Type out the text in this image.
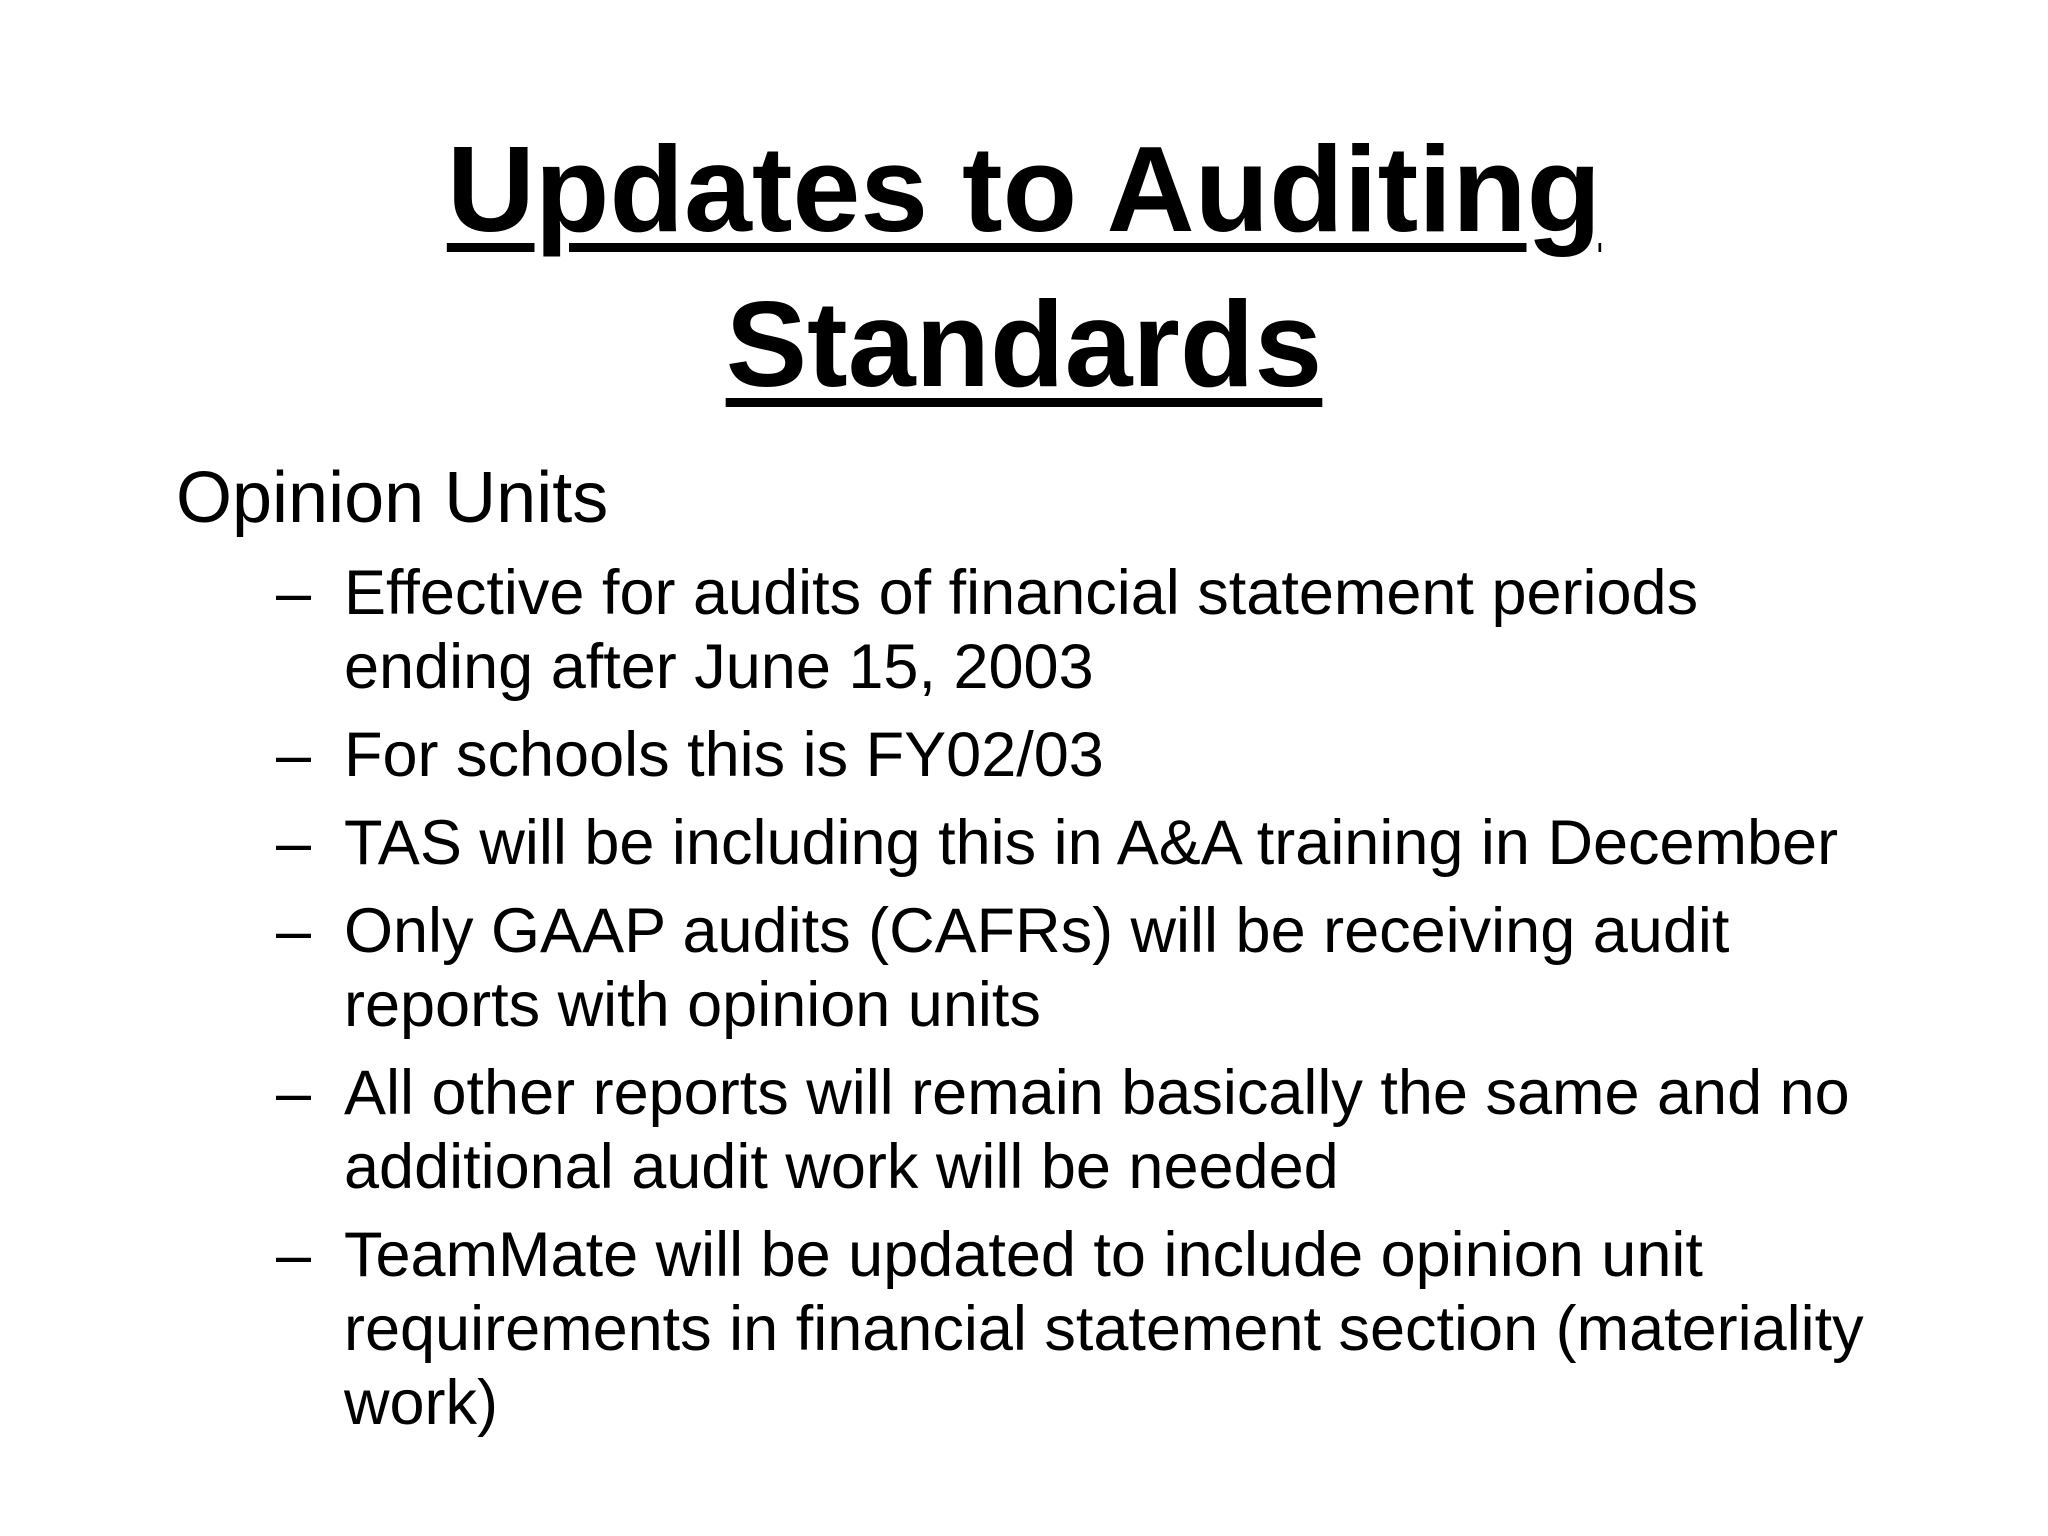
Updates to Auditing
Standards
Opinion Units
– Effective for audits of financial statement periods ending after June 15, 2003
– For schools this is FY02/03
– TAS will be including this in A&A training in December
– Only GAAP audits (CAFRs) will be receiving audit reports with opinion units
– All other reports will remain basically the same and no additional audit work will be needed
– TeamMate will be updated to include opinion unit requirements in financial statement section (materiality work)
